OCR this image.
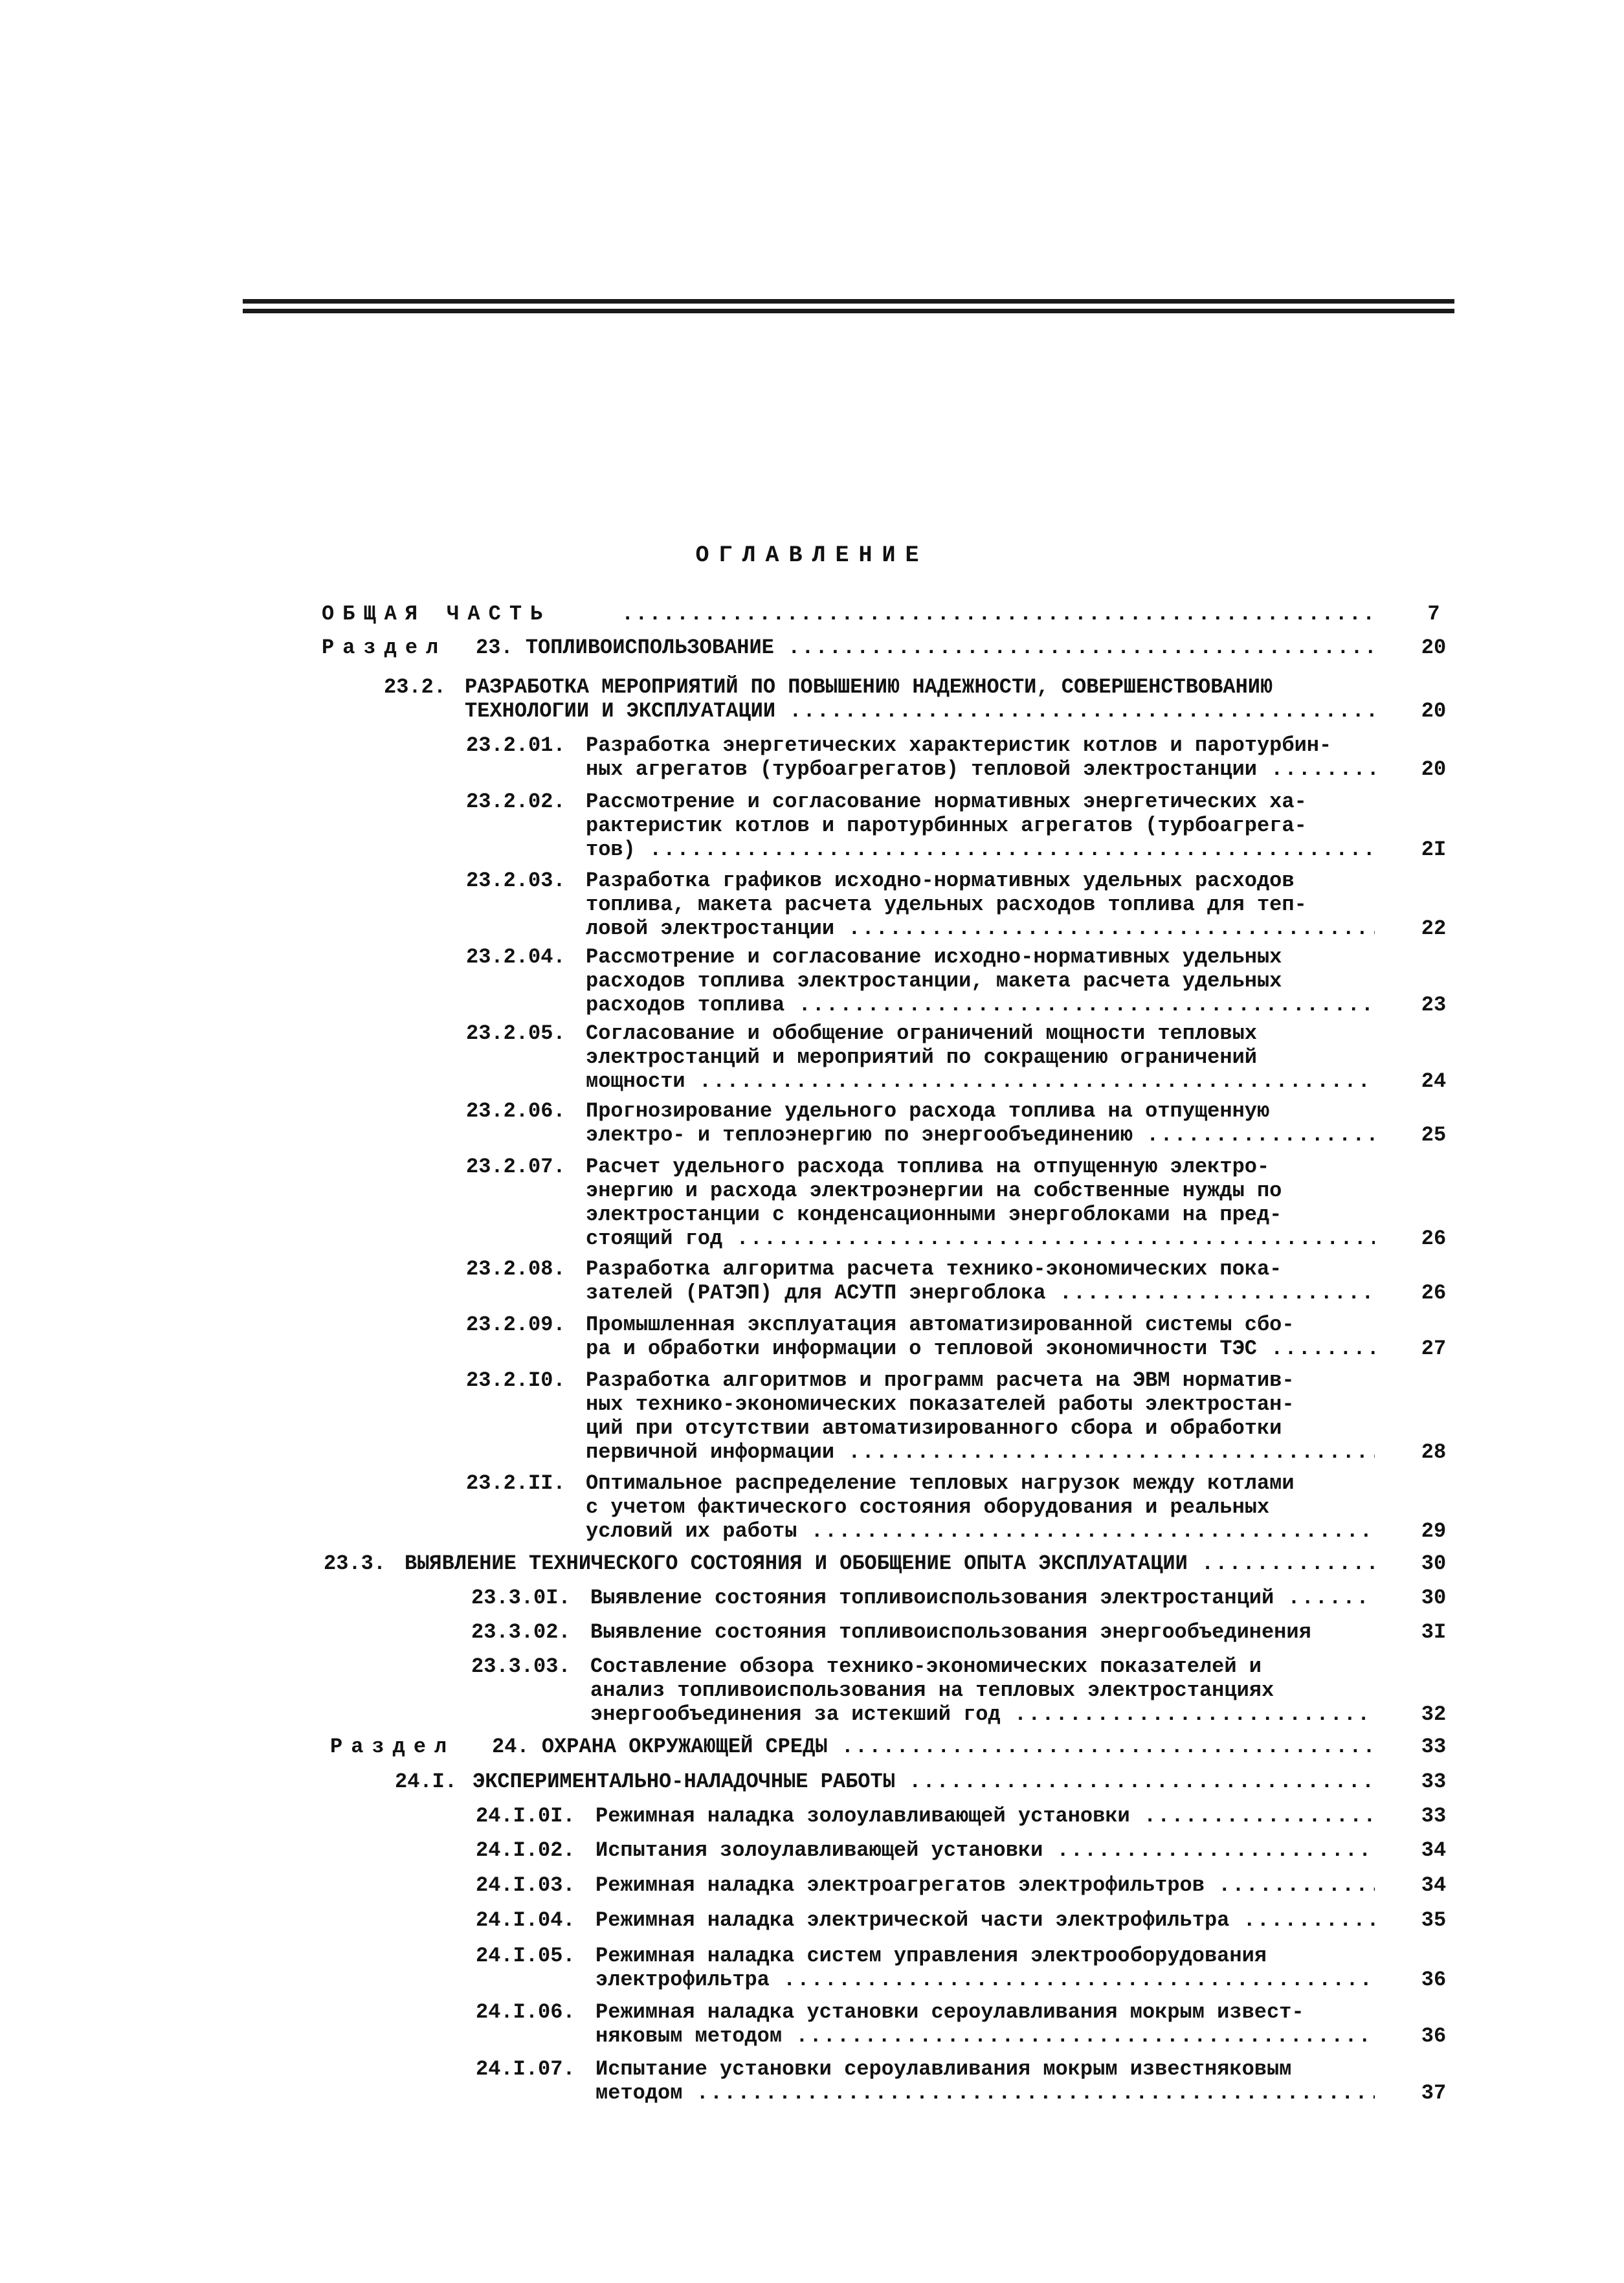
ОГЛАВЛЕНИЕ
ОБЩАЯ ЧАСТЬ .....	7
Раздел 23. ТОПЛИВОИСПОЛЬЗОВАНИЕ .....	20
23.2. РАЗРАБОТКА МЕРОПРИЯТИЙ ПО ПОВЫШЕНИЮ НАДЕЖНОСТИ, СОВЕРШЕНСТВОВАНИЮ
ТЕХНОЛОГИИ И ЭКСПЛУАТАЦИИ .....	20
23.2.01. Разработка энергетических характеристик котлов и паротурбин-
ных агрегатов (турбоагрегатов) тепловой электростанции .....	20
23.2.02. Рассмотрение и согласование нормативных энергетических ха-
рактеристик котлов и паротурбинных агрегатов (турбоагрега-
тов) .....	2I
23.2.03. Разработка графиков исходно-нормативных удельных расходов
топлива, макета расчета удельных расходов топлива для теп-
ловой электростанции .....	22
23.2.04. Рассмотрение и согласование исходно-нормативных удельных
расходов топлива электростанции, макета расчета удельных
расходов топлива .....	23
23.2.05. Согласование и обобщение ограничений мощности тепловых
электростанций и мероприятий по сокращению ограничений
мощности .....	24
23.2.06. Прогнозирование удельного расхода топлива на отпущенную
электро- и теплоэнергию по энергообъединению .....	25
23.2.07. Расчет удельного расхода топлива на отпущенную электро-
энергию и расхода электроэнергии на собственные нужды по
электростанции с конденсационными энергоблоками на пред-
стоящий год .....	26
23.2.08. Разработка алгоритма расчета технико-экономических пока-
зателей (РАТЭП) для АСУТП энергоблока .....	26
23.2.09. Промышленная эксплуатация автоматизированной системы сбо-
ра и обработки информации о тепловой экономичности ТЭС .....	27
23.2.I0. Разработка алгоритмов и программ расчета на ЭВМ норматив-
ных технико-экономических показателей работы электростан-
ций при отсутствии автоматизированного сбора и обработки
первичной информации .....	28
23.2.II. Оптимальное распределение тепловых нагрузок между котлами
с учетом фактического состояния оборудования и реальных
условий их работы .....	29
23.3. ВЫЯВЛЕНИЕ ТЕХНИЧЕСКОГО СОСТОЯНИЯ И ОБОБЩЕНИЕ ОПЫТА ЭКСПЛУАТАЦИИ .....	30
23.3.0I. Выявление состояния топливоиспользования электростанций .....	30
23.3.02. Выявление состояния топливоиспользования энергообъединения	3I
23.3.03. Составление обзора технико-экономических показателей и
анализ топливоиспользования на тепловых электростанциях
энергообъединения за истекший год .....	32
Раздел 24. ОХРАНА ОКРУЖАЮЩЕЙ СРЕДЫ .....	33
24.I. ЭКСПЕРИМЕНТАЛЬНО-НАЛАДОЧНЫЕ РАБОТЫ .....	33
24.I.0I. Режимная наладка золоулавливающей установки .....	33
24.I.02. Испытания золоулавливающей установки .....	34
24.I.03. Режимная наладка электроагрегатов электрофильтров .....	34
24.I.04. Режимная наладка электрической части электрофильтра .....	35
24.I.05. Режимная наладка систем управления электрооборудования
электрофильтра .....	36
24.I.06. Режимная наладка установки сероулавливания мокрым извест-
няковым методом .....	36
24.I.07. Испытание установки сероулавливания мокрым известняковым
методом .....	37
